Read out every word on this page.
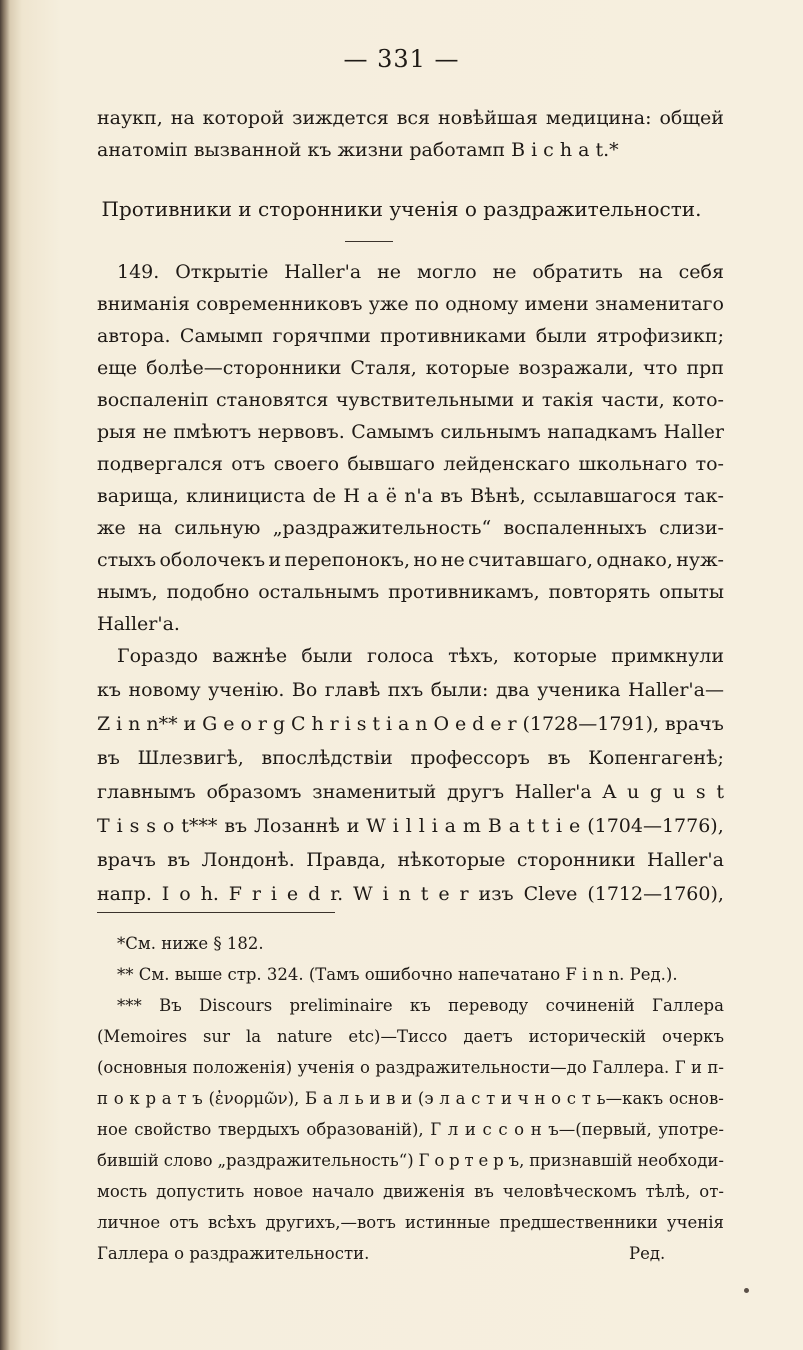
— 331 —
наукп, на которой зиждется вся новѣйшая медицина: общей
анатоміп вызванной къ жизни работамп B i c h a t.*
Противники и сторонники ученія о раздражительности.
149. Открытіе Haller'a не могло не обратить на себя
вниманія современниковъ уже по одному имени знаменитаго
автора. Самымп горячпми противниками были ятрофизикп;
еще болѣе—сторонники Сталя, которые возражали, что прп
воспаленіп становятся чувствительными и такія части, кото-
рыя не пмѣютъ нервовъ. Самымъ сильнымъ нападкамъ Haller
подвергался отъ своего бывшаго лейденскаго школьнаго то-
варища, клинициста de H a ë n'a въ Вѣнѣ, ссылавшагося так-
же на сильную „раздражительность“ воспаленныхъ слизи-
стыхъ оболочекъ и перепонокъ, но не считавшаго, однако, нуж-
нымъ, подобно остальнымъ противникамъ, повторять опыты
Haller'a.
Гораздо важнѣе были голоса тѣхъ, которые примкнули
къ новому ученію. Во главѣ пхъ были: два ученика Haller'a—
Z i n n** и G e o r g C h r i s t i a n O e d e r (1728—1791), врачъ
въ Шлезвигѣ, впослѣдствіи профессоръ въ Копенгагенѣ;
главнымъ образомъ знаменитый другъ Haller'a A u g u s t
T i s s o t*** въ Лозаннѣ и W i l l i a m B a t t i e (1704—1776),
врачъ въ Лондонѣ. Правда, нѣкоторые сторонники Haller'a
напр. I o h. F r i e d r. W i n t e r изъ Cleve (1712—1760),
*См. ниже § 182.
** См. выше стр. 324. (Тамъ ошибочно напечатано F i n n. Ред.).
*** Въ Discours preliminaire къ переводу сочиненій Галлера
(Memoires sur la nature etc)—Тиссо даетъ историческій очеркъ
(основныя положенія) ученія о раздражительности—до Галлера. Г и п-
п о к р а т ъ (ἐνορμῶν), Б а л ь и в и (э л а с т и ч н о с т ь—какъ основ-
ное свойство твердыхъ образованій), Г л и с с о н ъ—(первый, употре-
бившій слово „раздражительность“) Г о р т е р ъ, признавшій необходи-
мость допустить новое начало движенія въ человѣческомъ тѣлѣ, от-
личное отъ всѣхъ другихъ,—вотъ истинные предшественники ученія
Галлера о раздражительности.	Ред.
